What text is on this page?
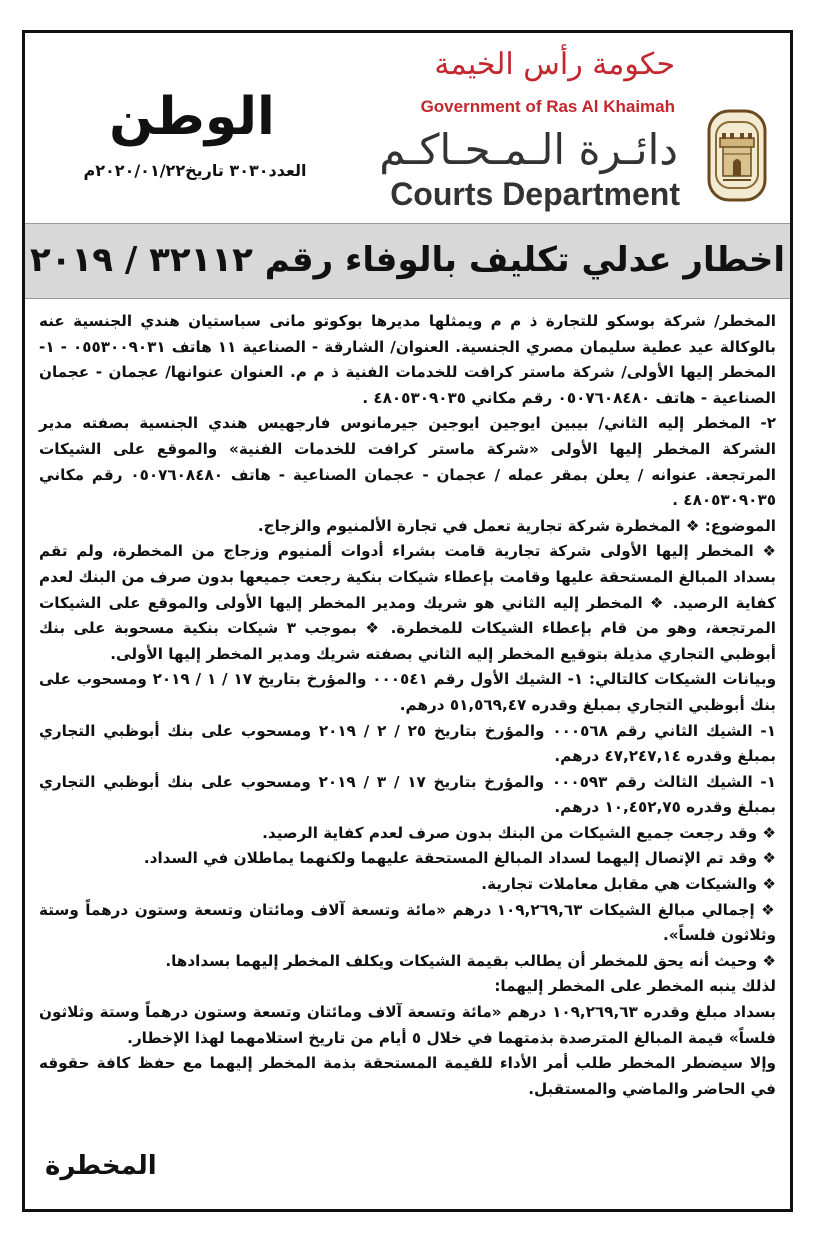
حكومة رأس الخيمة
Government of Ras Al Khaimah
دائـرة الـمـحـاكـم
Courts Department
الوطن
العدد٣٠٣٠ تاريخ٢٠٢٠/٠١/٢٢م
اخطار عدلي تكليف بالوفاء رقم ٣٢١١٢ / ٢٠١٩

المخطر/ شركة بوسكو للتجارة ذ م م ويمثلها مديرها بوكوتو مانى سباستيان هندي الجنسية عنه بالوكالة عيد عطية سليمان مصري الجنسية. العنوان/ الشارقة - الصناعية ١١ هاتف ٠٥٥٣٠٠٩٠٣١ - ١- المخطر إليها الأولى/ شركة ماستر كرافت للخدمات الفنية ذ م م. العنوان عنوانها/ عجمان - عجمان الصناعية - هاتف ٠٥٠٧٦٠٨٤٨٠ رقم مكاني ٤٨٠٥٣٠٩٠٣٥ .

٢- المخطر إليه الثاني/ بيبين ايوجين ايوجين جيرمانوس فارجهيس هندي الجنسية بصفته مدير الشركة المخطر إليها الأولى «شركة ماستر كرافت للخدمات الفنية» والموقع على الشيكات المرتجعة. عنوانه / يعلن بمقر عمله / عجمان - عجمان الصناعية - هاتف ٠٥٠٧٦٠٨٤٨٠ رقم مكاني ٤٨٠٥٣٠٩٠٣٥ .

الموضوع: ❖ المخطرة شركة تجارية تعمل في تجارة الألمنيوم والزجاج.

❖ المخطر إليها الأولى شركة تجارية قامت بشراء أدوات ألمنيوم وزجاج من المخطرة، ولم تقم بسداد المبالغ المستحقة عليها وقامت بإعطاء شيكات بنكية رجعت جميعها بدون صرف من البنك لعدم كفاية الرصيد. ❖ المخطر إليه الثاني هو شريك ومدير المخطر إليها الأولى والموقع على الشيكات المرتجعة، وهو من قام بإعطاء الشيكات للمخطرة. ❖ بموجب ٣ شيكات بنكية مسحوبة على بنك أبوظبي التجاري مذيلة بتوقيع المخطر إليه الثاني بصفته شريك ومدير المخطر إليها الأولى.

وبيانات الشيكات كالتالي: ١- الشيك الأول رقم ٠٠٠٥٤١ والمؤرخ بتاريخ ١٧ / ١ / ٢٠١٩ ومسحوب على بنك أبوظبي التجاري بمبلغ وقدره ٥١,٥٦٩,٤٧ درهم.

١- الشيك الثاني رقم ٠٠٠٥٦٨ والمؤرخ بتاريخ ٢٥ / ٢ / ٢٠١٩ ومسحوب على بنك أبوظبي التجاري بمبلغ وقدره ٤٧,٢٤٧,١٤ درهم.

١- الشيك الثالث رقم ٠٠٠٥٩٣ والمؤرخ بتاريخ ١٧ / ٣ / ٢٠١٩ ومسحوب على بنك أبوظبي التجاري بمبلغ وقدره ١٠,٤٥٢,٧٥ درهم.

❖ وقد رجعت جميع الشيكات من البنك بدون صرف لعدم كفاية الرصيد.

❖ وقد تم الإتصال إليهما لسداد المبالغ المستحقة عليهما ولكنهما يماطلان في السداد.

❖ والشيكات هي مقابل معاملات تجارية.

❖ إجمالي مبالغ الشيكات ١٠٩,٢٦٩,٦٣ درهم «مائة وتسعة آلاف ومائتان وتسعة وستون درهماً وستة وثلاثون فلساً».

❖ وحيث أنه يحق للمخطر أن يطالب بقيمة الشيكات ويكلف المخطر إليهما بسدادها.

لذلك ينبه المخطر على المخطر إليهما:

بسداد مبلغ وقدره ١٠٩,٢٦٩,٦٣ درهم «مائة وتسعة آلاف ومائتان وتسعة وستون درهماً وستة وثلاثون فلساً» قيمة المبالغ المترصدة بذمتهما في خلال ٥ أيام من تاريخ استلامهما لهذا الإخطار.

وإلا سيضطر المخطر طلب أمر الأداء للقيمة المستحقة بذمة المخطر إليهما مع حفظ كافة حقوقه في الحاضر والماضي والمستقبل.

المخطرة
